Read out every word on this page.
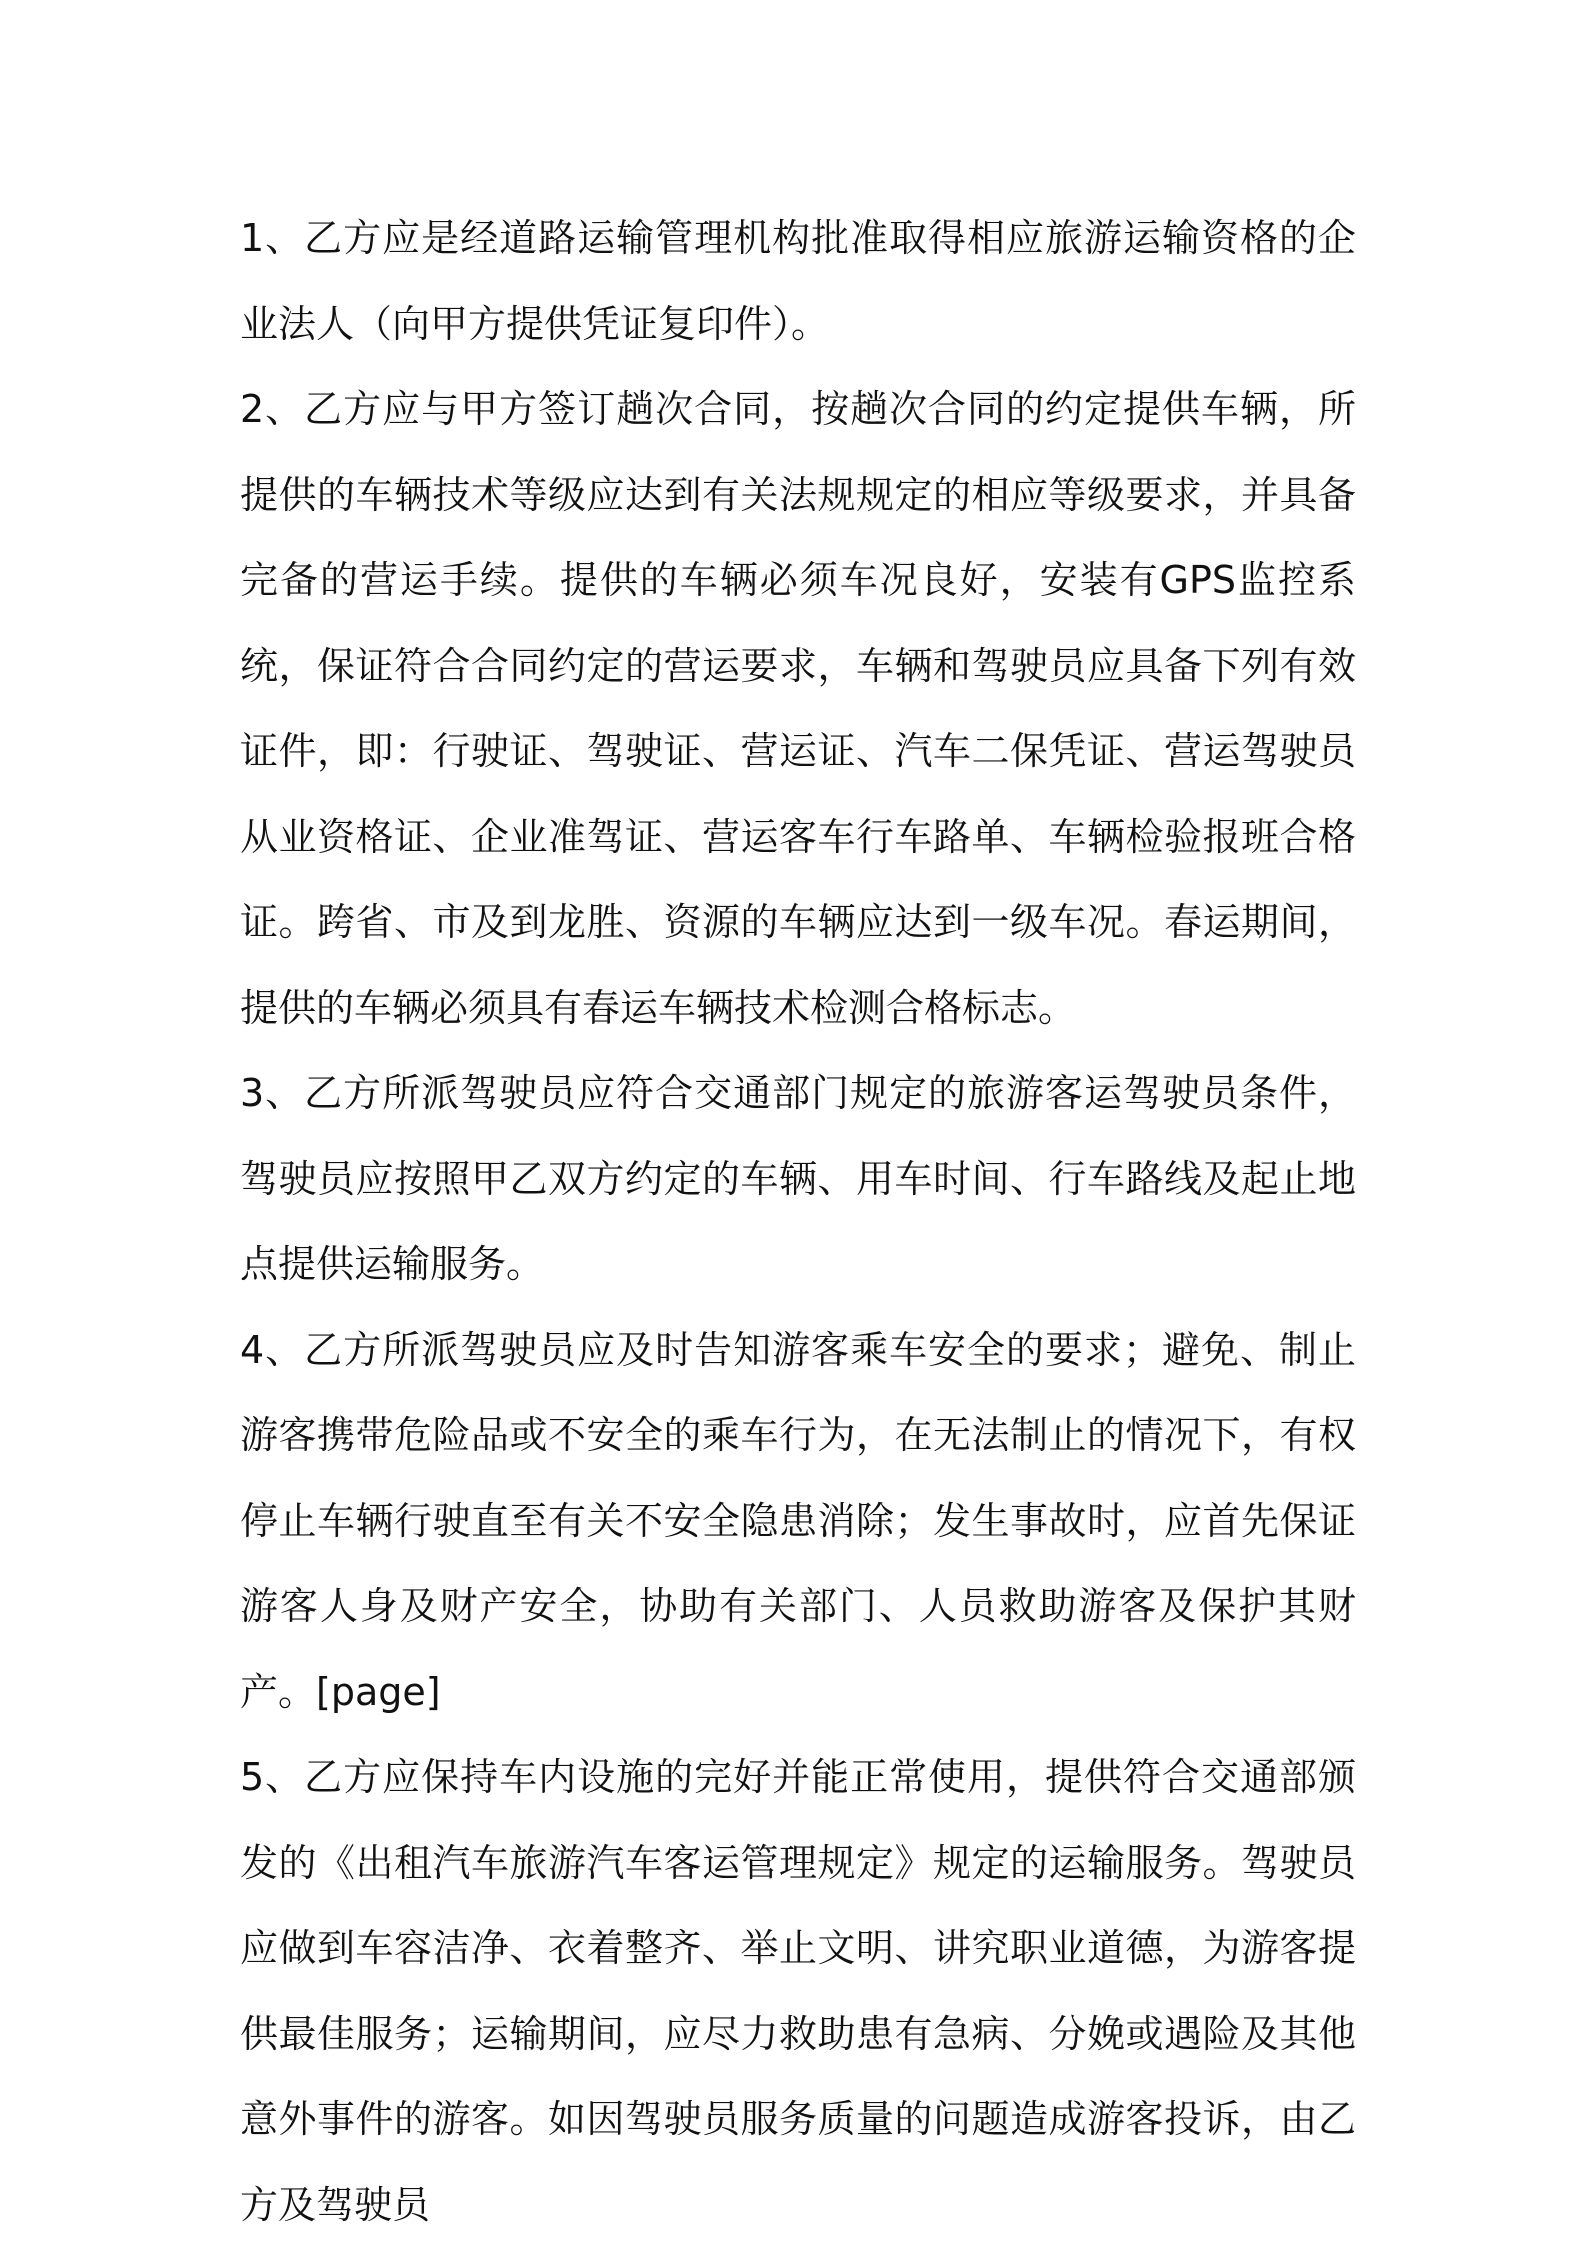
1、乙方应是经道路运输管理机构批准取得相应旅游运输资格的企业法人（向甲方提供凭证复印件）。

2、乙方应与甲方签订趟次合同，按趟次合同的约定提供车辆，所提供的车辆技术等级应达到有关法规规定的相应等级要求，并具备完备的营运手续。提供的车辆必须车况良好，安装有GPS监控系统，保证符合合同约定的营运要求，车辆和驾驶员应具备下列有效证件，即：行驶证、驾驶证、营运证、汽车二保凭证、营运驾驶员从业资格证、企业准驾证、营运客车行车路单、车辆检验报班合格证。跨省、市及到龙胜、资源的车辆应达到一级车况。春运期间，提供的车辆必须具有春运车辆技术检测合格标志。

3、乙方所派驾驶员应符合交通部门规定的旅游客运驾驶员条件，驾驶员应按照甲乙双方约定的车辆、用车时间、行车路线及起止地点提供运输服务。

4、乙方所派驾驶员应及时告知游客乘车安全的要求；避免、制止游客携带危险品或不安全的乘车行为，在无法制止的情况下，有权停止车辆行驶直至有关不安全隐患消除；发生事故时，应首先保证游客人身及财产安全，协助有关部门、人员救助游客及保护其财产。[page]

5、乙方应保持车内设施的完好并能正常使用，提供符合交通部颁发的《出租汽车旅游汽车客运管理规定》规定的运输服务。驾驶员应做到车容洁净、衣着整齐、举止文明、讲究职业道德，为游客提供最佳服务；运输期间，应尽力救助患有急病、分娩或遇险及其他意外事件的游客。如因驾驶员服务质量的问题造成游客投诉，由乙方及驾驶员
